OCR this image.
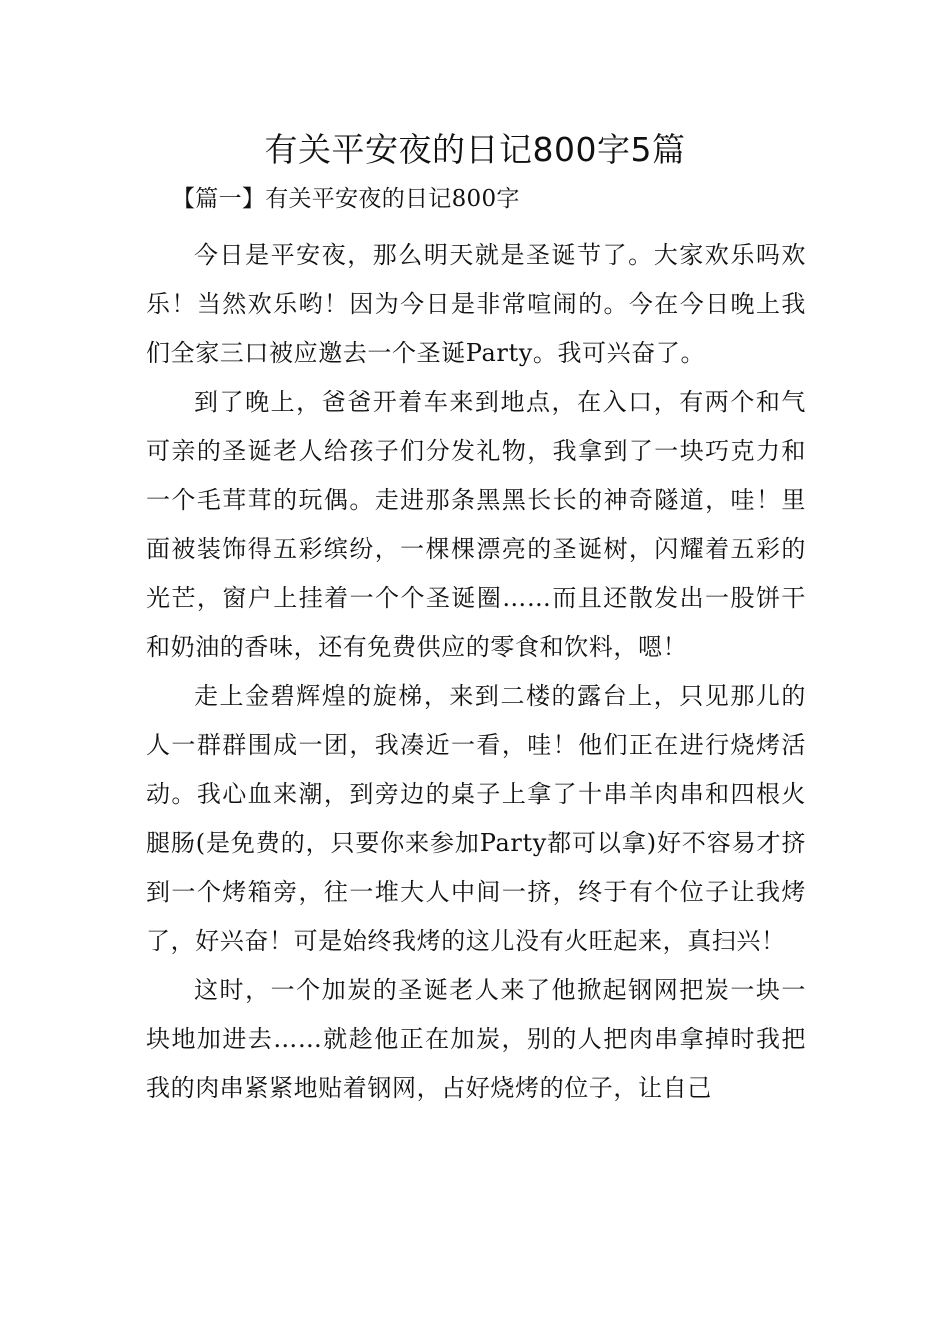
有关平安夜的日记800字5篇
【篇一】有关平安夜的日记800字

今日是平安夜，那么明天就是圣诞节了。大家欢乐吗欢乐！当然欢乐哟！因为今日是非常喧闹的。今在今日晚上我们全家三口被应邀去一个圣诞Party。我可兴奋了。

到了晚上，爸爸开着车来到地点，在入口，有两个和气可亲的圣诞老人给孩子们分发礼物，我拿到了一块巧克力和一个毛茸茸的玩偶。走进那条黑黑长长的神奇隧道，哇！里面被装饰得五彩缤纷，一棵棵漂亮的圣诞树，闪耀着五彩的光芒，窗户上挂着一个个圣诞圈……而且还散发出一股饼干和奶油的香味，还有免费供应的零食和饮料，嗯！

走上金碧辉煌的旋梯，来到二楼的露台上，只见那儿的人一群群围成一团，我凑近一看，哇！他们正在进行烧烤活动。我心血来潮，到旁边的桌子上拿了十串羊肉串和四根火腿肠(是免费的，只要你来参加Party都可以拿)好不容易才挤到一个烤箱旁，往一堆大人中间一挤，终于有个位子让我烤了，好兴奋！可是始终我烤的这儿没有火旺起来，真扫兴！

这时，一个加炭的圣诞老人来了他掀起钢网把炭一块一块地加进去……就趁他正在加炭，别的人把肉串拿掉时我把我的肉串紧紧地贴着钢网，占好烧烤的位子，让自己
